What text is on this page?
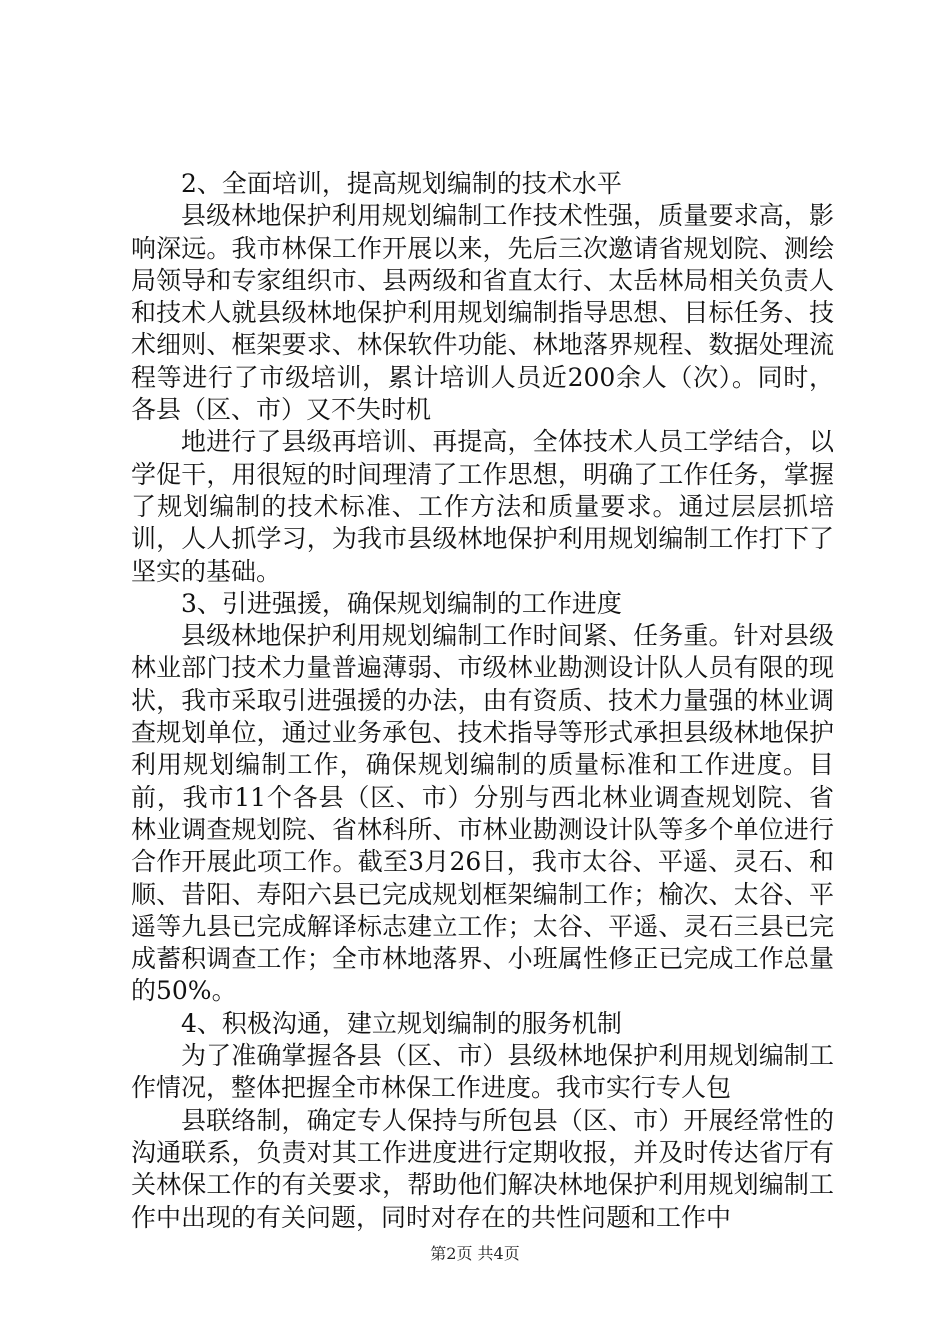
2、全面培训，提高规划编制的技术水平

县级林地保护利用规划编制工作技术性强，质量要求高，影响深远。我市林保工作开展以来，先后三次邀请省规划院、测绘局领导和专家组织市、县两级和省直太行、太岳林局相关负责人和技术人就县级林地保护利用规划编制指导思想、目标任务、技术细则、框架要求、林保软件功能、林地落界规程、数据处理流程等进行了市级培训，累计培训人员近200余人（次）。同时，各县（区、市）又不失时机

地进行了县级再培训、再提高，全体技术人员工学结合，以学促干，用很短的时间理清了工作思想，明确了工作任务，掌握了规划编制的技术标准、工作方法和质量要求。通过层层抓培训，人人抓学习，为我市县级林地保护利用规划编制工作打下了坚实的基础。

3、引进强援，确保规划编制的工作进度

县级林地保护利用规划编制工作时间紧、任务重。针对县级林业部门技术力量普遍薄弱、市级林业勘测设计队人员有限的现状，我市采取引进强援的办法，由有资质、技术力量强的林业调查规划单位，通过业务承包、技术指导等形式承担县级林地保护利用规划编制工作，确保规划编制的质量标准和工作进度。目前，我市11个各县（区、市）分别与西北林业调查规划院、省林业调查规划院、省林科所、市林业勘测设计队等多个单位进行合作开展此项工作。截至3月26日，我市太谷、平遥、灵石、和顺、昔阳、寿阳六县已完成规划框架编制工作；榆次、太谷、平遥等九县已完成解译标志建立工作；太谷、平遥、灵石三县已完成蓄积调查工作；全市林地落界、小班属性修正已完成工作总量的50%。

4、积极沟通，建立规划编制的服务机制

为了准确掌握各县（区、市）县级林地保护利用规划编制工作情况，整体把握全市林保工作进度。我市实行专人包

县联络制，确定专人保持与所包县（区、市）开展经常性的沟通联系，负责对其工作进度进行定期收报，并及时传达省厅有关林保工作的有关要求，帮助他们解决林地保护利用规划编制工作中出现的有关问题，同时对存在的共性问题和工作中

第2页 共4页
